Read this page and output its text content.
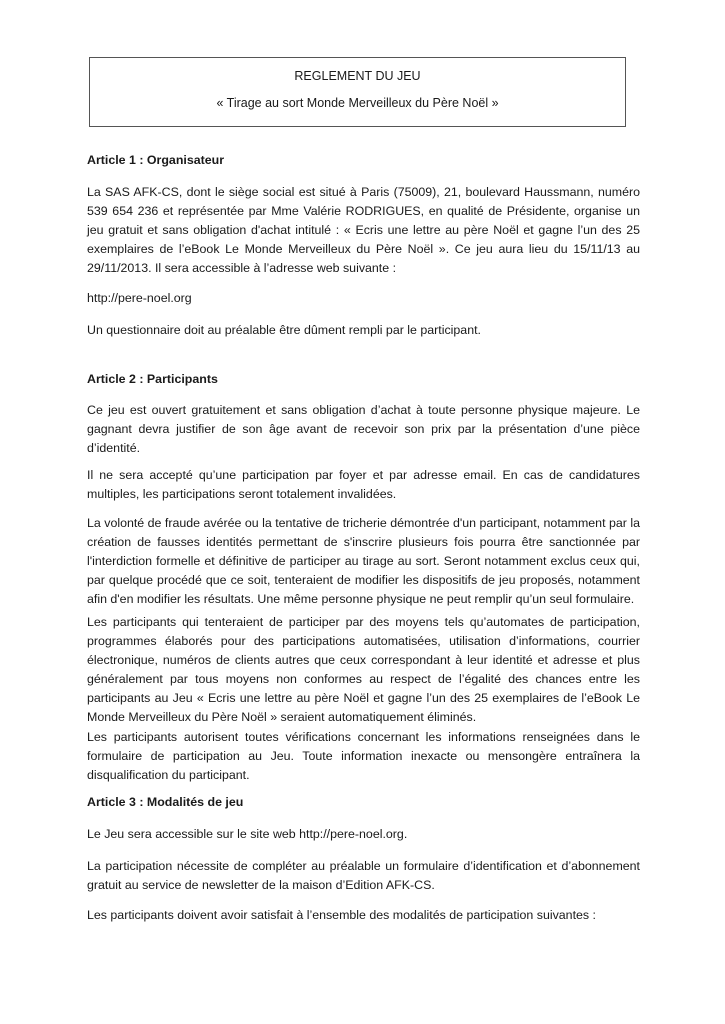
REGLEMENT DU JEU
« Tirage au sort Monde Merveilleux du Père Noël »

Article 1 : Organisateur

La SAS AFK-CS, dont le siège social est situé à Paris (75009), 21, boulevard Haussmann, numéro 539 654 236 et représentée par Mme Valérie RODRIGUES, en qualité de Présidente, organise un jeu gratuit et sans obligation d'achat intitulé : « Ecris une lettre au père Noël et gagne l’un des 25 exemplaires de l’eBook Le Monde Merveilleux du Père Noël ». Ce jeu aura lieu du 15/11/13 au 29/11/2013. Il sera accessible à l’adresse web suivante :

http://pere-noel.org

Un questionnaire doit au préalable être dûment rempli par le participant.

Article 2 : Participants

Ce jeu est ouvert gratuitement et sans obligation d’achat à toute personne physique majeure. Le gagnant devra justifier de son âge avant de recevoir son prix par la présentation d’une pièce d’identité.

Il ne sera accepté qu’une participation par foyer et par adresse email. En cas de candidatures multiples, les participations seront totalement invalidées.

La volonté de fraude avérée ou la tentative de tricherie démontrée d'un participant, notamment par la création de fausses identités permettant de s'inscrire plusieurs fois pourra être sanctionnée par l'interdiction formelle et définitive de participer au tirage au sort. Seront notamment exclus ceux qui, par quelque procédé que ce soit, tenteraient de modifier les dispositifs de jeu proposés, notamment afin d'en modifier les résultats. Une même personne physique ne peut remplir qu’un seul formulaire.

Les participants qui tenteraient de participer par des moyens tels qu’automates de participation, programmes élaborés pour des participations automatisées, utilisation d’informations, courrier électronique, numéros de clients autres que ceux correspondant à leur identité et adresse et plus généralement par tous moyens non conformes au respect de l’égalité des chances entre les participants au Jeu « Ecris une lettre au père Noël et gagne l’un des 25 exemplaires de l’eBook Le Monde Merveilleux du Père Noël » seraient automatiquement éliminés.

Les participants autorisent toutes vérifications concernant les informations renseignées dans le formulaire de participation au Jeu. Toute information inexacte ou mensongère entraînera la disqualification du participant.

Article 3 : Modalités de jeu

Le Jeu sera accessible sur le site web http://pere-noel.org.

La participation nécessite de compléter au préalable un formulaire d’identification et d’abonnement gratuit au service de newsletter de la maison d’Edition AFK-CS.

Les participants doivent avoir satisfait à l’ensemble des modalités de participation suivantes :
